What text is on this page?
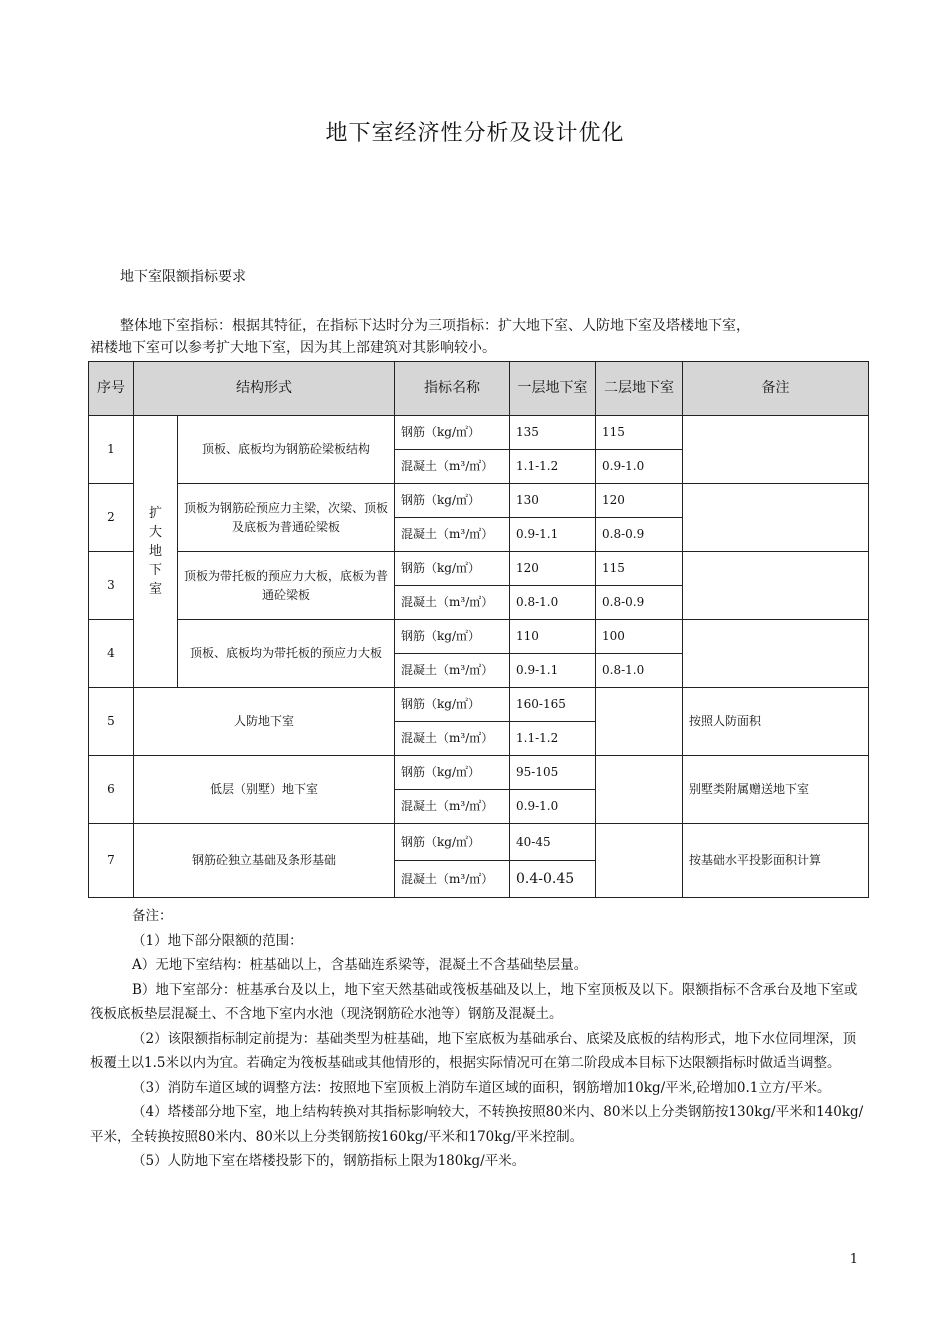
地下室经济性分析及设计优化
地下室限额指标要求
整体地下室指标：根据其特征，在指标下达时分为三项指标：扩大地下室、人防地下室及塔楼地下室，
裙楼地下室可以参考扩大地下室，因为其上部建筑对其影响较小。
序号	结构形式		指标名称	一层地下室	二层地下室	备注
1	扩大地下室	顶板、底板均为钢筋砼梁板结构	钢筋（kg/㎡）	135	115	
			混凝土（m³/㎡）	1.1-1.2	0.9-1.0	
2		顶板为钢筋砼预应力主梁，次梁、顶板及底板为普通砼梁板	钢筋（kg/㎡）	130	120	
			混凝土（m³/㎡）	0.9-1.1	0.8-0.9	
3		顶板为带托板的预应力大板，底板为普通砼梁板	钢筋（kg/㎡）	120	115	
			混凝土（m³/㎡）	0.8-1.0	0.8-0.9	
4		顶板、底板均为带托板的预应力大板	钢筋（kg/㎡）	110	100	
			混凝土（m³/㎡）	0.9-1.1	0.8-1.0	
5	人防地下室		钢筋（kg/㎡）	160-165		按照人防面积
			混凝土（m³/㎡）	1.1-1.2		
6	低层（别墅）地下室		钢筋（kg/㎡）	95-105		别墅类附属赠送地下室
			混凝土（m³/㎡）	0.9-1.0		
7	钢筋砼独立基础及条形基础		钢筋（kg/㎡）	40-45		按基础水平投影面积计算
			混凝土（m³/㎡）	0.4-0.45		

备注：

（1）地下部分限额的范围：

A）无地下室结构：桩基础以上，含基础连系梁等，混凝土不含基础垫层量。

B）地下室部分：桩基承台及以上，地下室天然基础或筏板基础及以上，地下室顶板及以下。限额指标不含承台及地下室或筏板底板垫层混凝土、不含地下室内水池（现浇钢筋砼水池等）钢筋及混凝土。

（2）该限额指标制定前提为：基础类型为桩基础，地下室底板为基础承台、底梁及底板的结构形式，地下水位同埋深，顶板覆土以1.5米以内为宜。若确定为筏板基础或其他情形的，根据实际情况可在第二阶段成本目标下达限额指标时做适当调整。

（3）消防车道区域的调整方法：按照地下室顶板上消防车道区域的面积，钢筋增加10kg/平米,砼增加0.1立方/平米。

（4）塔楼部分地下室，地上结构转换对其指标影响较大，不转换按照80米内、80米以上分类钢筋按130kg/平米和140kg/平米，全转换按照80米内、80米以上分类钢筋按160kg/平米和170kg/平米控制。

（5）人防地下室在塔楼投影下的，钢筋指标上限为180kg/平米。

1
